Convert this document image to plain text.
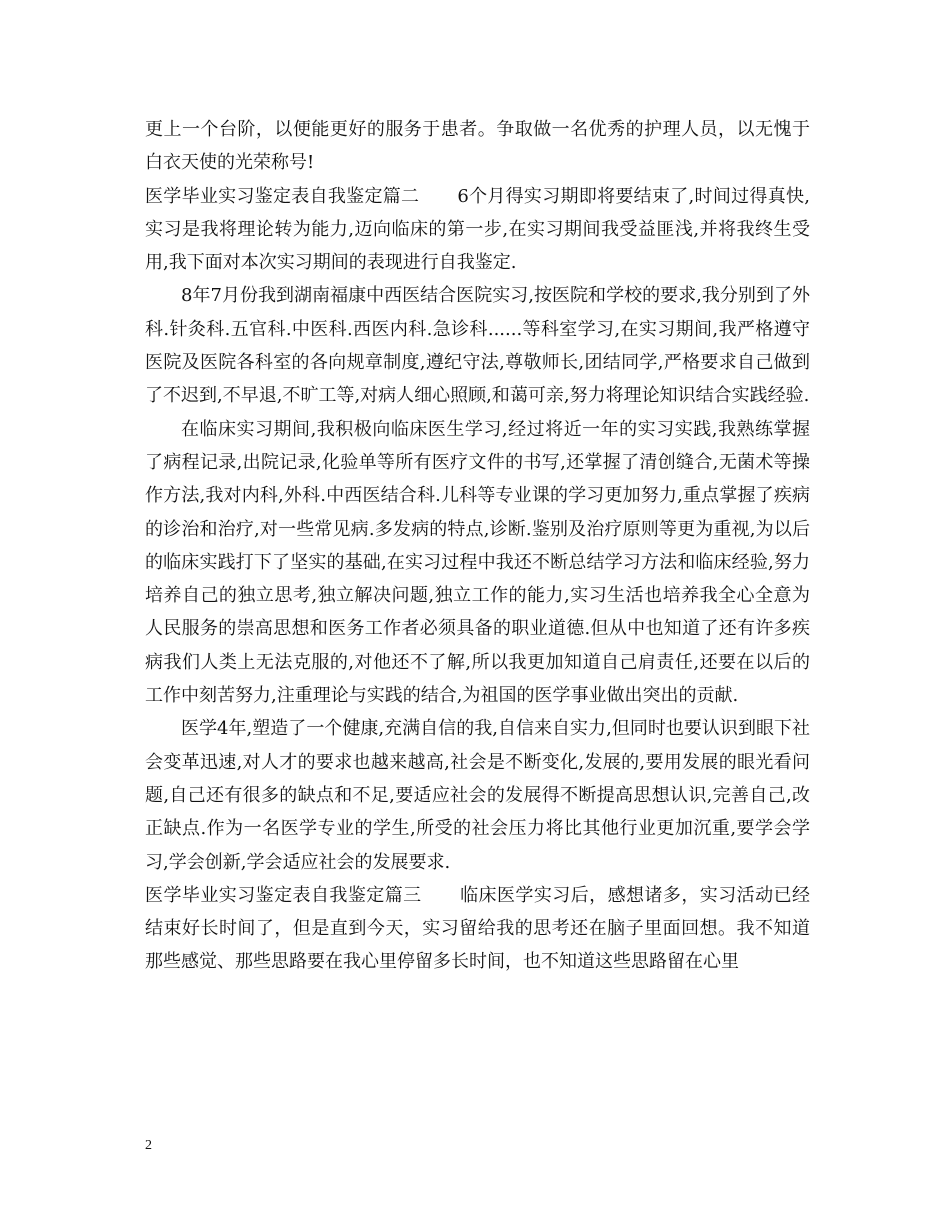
更上一个台阶，以便能更好的服务于患者。争取做一名优秀的护理人员，以无愧于白衣天使的光荣称号!

医学毕业实习鉴定表自我鉴定篇二 6个月得实习期即将要结束了,时间过得真快,实习是我将理论转为能力,迈向临床的第一步,在实习期间我受益匪浅,并将我终生受用,我下面对本次实习期间的表现进行自我鉴定.

8年7月份我到湖南福康中西医结合医院实习,按医院和学校的要求,我分别到了外科.针灸科.五官科.中医科.西医内科.急诊科......等科室学习,在实习期间,我严格遵守医院及医院各科室的各向规章制度,遵纪守法,尊敬师长,团结同学,严格要求自己做到了不迟到,不早退,不旷工等,对病人细心照顾,和蔼可亲,努力将理论知识结合实践经验.

在临床实习期间,我积极向临床医生学习,经过将近一年的实习实践,我熟练掌握了病程记录,出院记录,化验单等所有医疗文件的书写,还掌握了清创缝合,无菌术等操作方法,我对内科,外科.中西医结合科.儿科等专业课的学习更加努力,重点掌握了疾病的诊治和治疗,对一些常见病.多发病的特点,诊断.鉴别及治疗原则等更为重视,为以后的临床实践打下了坚实的基础,在实习过程中我还不断总结学习方法和临床经验,努力培养自己的独立思考,独立解决问题,独立工作的能力,实习生活也培养我全心全意为人民服务的崇高思想和医务工作者必须具备的职业道德.但从中也知道了还有许多疾病我们人类上无法克服的,对他还不了解,所以我更加知道自己肩责任,还要在以后的工作中刻苦努力,注重理论与实践的结合,为祖国的医学事业做出突出的贡献.

医学4年,塑造了一个健康,充满自信的我,自信来自实力,但同时也要认识到眼下社会变革迅速,对人才的要求也越来越高,社会是不断变化,发展的,要用发展的眼光看问题,自己还有很多的缺点和不足,要适应社会的发展得不断提高思想认识,完善自己,改正缺点.作为一名医学专业的学生,所受的社会压力将比其他行业更加沉重,要学会学习,学会创新,学会适应社会的发展要求.

医学毕业实习鉴定表自我鉴定篇三 临床医学实习后，感想诸多，实习活动已经结束好长时间了，但是直到今天，实习留给我的思考还在脑子里面回想。我不知道那些感觉、那些思路要在我心里停留多长时间，也不知道这些思路留在心里

2
